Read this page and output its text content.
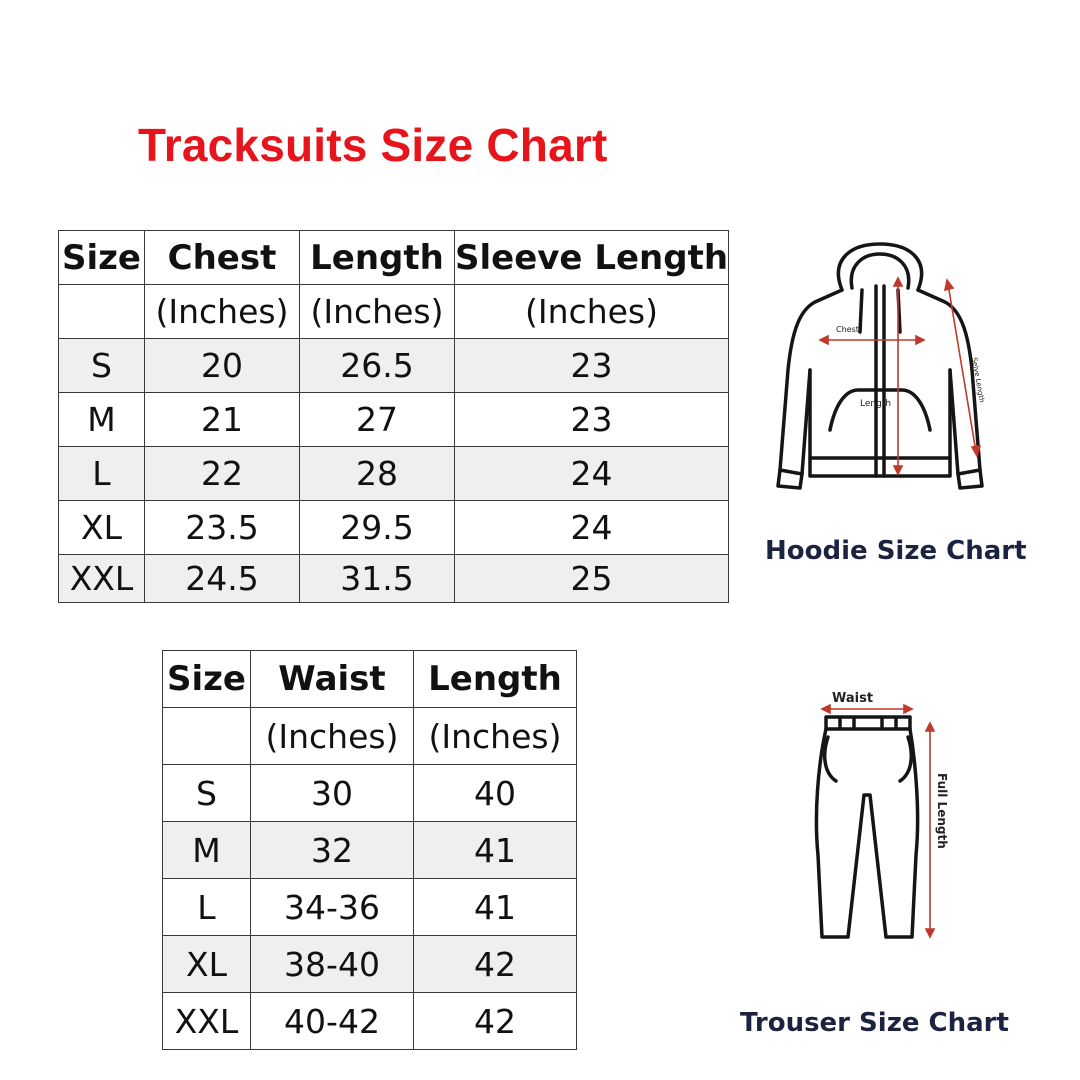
Tracksuits Size Chart
Size	Chest	Length	Sleeve Length
	(Inches)	(Inches)	(Inches)
S	20	26.5	23
M	21	27	23
L	22	28	24
XL	23.5	29.5	24
XXL	24.5	31.5	25
Size	Waist	Length
	(Inches)	(Inches)
S	30	40
M	32	41
L	34-36	41
XL	38-40	42
XXL	40-42	42
Chest
Length
Selve Length
Hoodie Size Chart
Waist
Full Length
Trouser Size Chart
